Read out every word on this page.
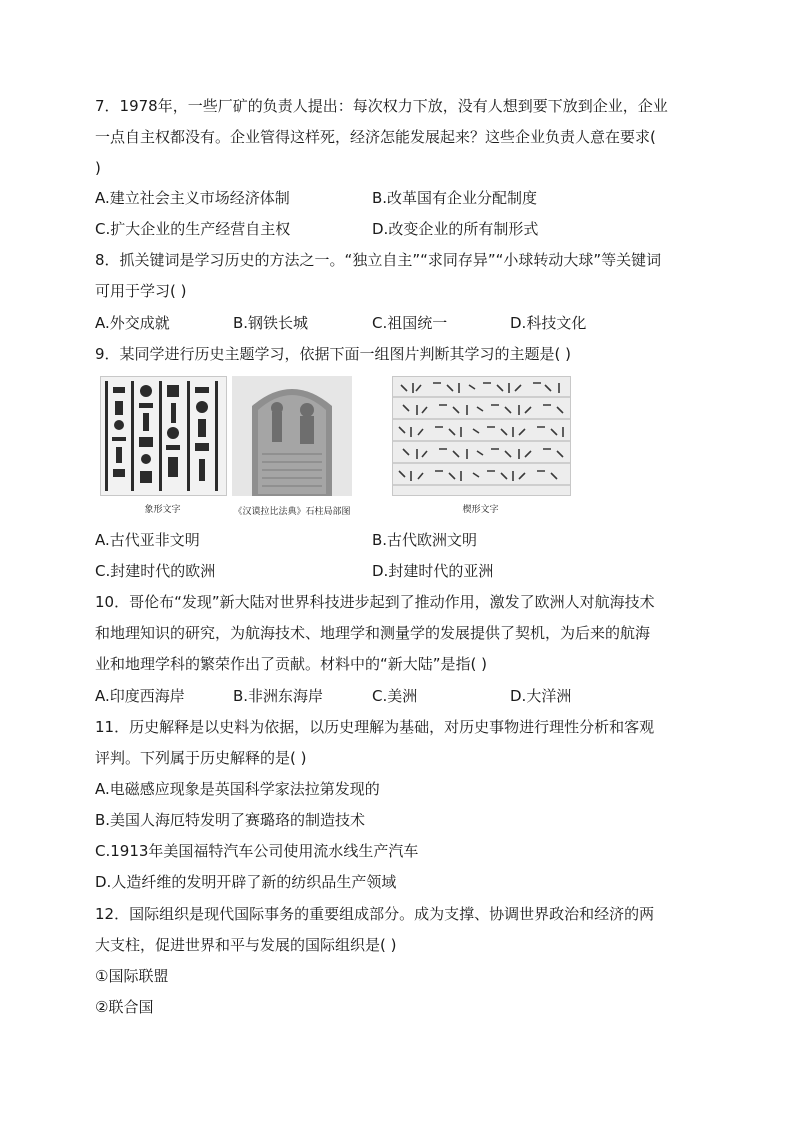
7．1978年，一些厂矿的负责人提出：每次权力下放，没有人想到要下放到企业，企业
一点自主权都没有。企业管得这样死，经济怎能发展起来？这些企业负责人意在要求(
)
A.建立社会主义市场经济体制	B.改革国有企业分配制度
C.扩大企业的生产经营自主权	D.改变企业的所有制形式
8．抓关键词是学习历史的方法之一。“独立自主”“求同存异”“小球转动大球”等关键词
可用于学习( )
A.外交成就	B.钢铁长城	C.祖国统一	D.科技文化
9．某同学进行历史主题学习，依据下面一组图片判断其学习的主题是( )
象形文字	《汉谟拉比法典》石柱局部图	楔形文字
A.古代亚非文明	B.古代欧洲文明
C.封建时代的欧洲	D.封建时代的亚洲
10．哥伦布“发现”新大陆对世界科技进步起到了推动作用，激发了欧洲人对航海技术
和地理知识的研究，为航海技术、地理学和测量学的发展提供了契机，为后来的航海
业和地理学科的繁荣作出了贡献。材料中的“新大陆”是指( )
A.印度西海岸	B.非洲东海岸	C.美洲	D.大洋洲
11．历史解释是以史料为依据，以历史理解为基础，对历史事物进行理性分析和客观
评判。下列属于历史解释的是( )
A.电磁感应现象是英国科学家法拉第发现的
B.美国人海厄特发明了赛璐珞的制造技术
C.1913年美国福特汽车公司使用流水线生产汽车
D.人造纤维的发明开辟了新的纺织品生产领域
12．国际组织是现代国际事务的重要组成部分。成为支撑、协调世界政治和经济的两
大支柱，促进世界和平与发展的国际组织是( )
①国际联盟
②联合国
